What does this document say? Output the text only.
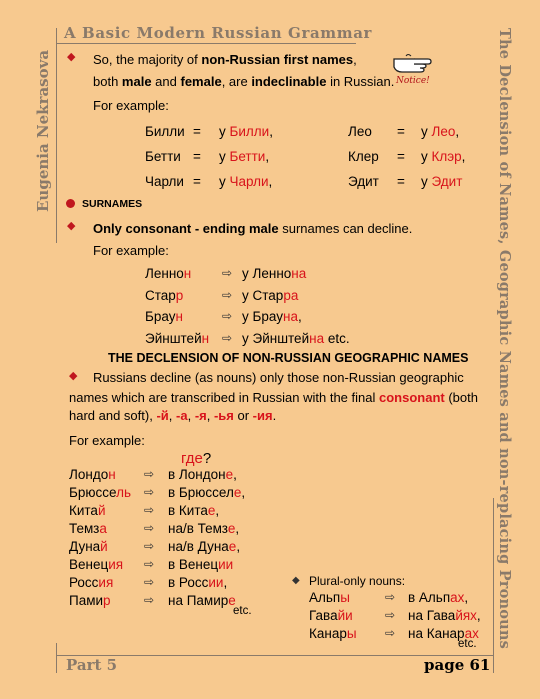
A Basic Modern Russian Grammar
Eugenia Nekrasova	The Declension of Names, Geographic Names and non-replacing Pronouns
◆ So, the majority of non-Russian first names,
both male and female, are indeclinable in Russian. Notice!
For example:
Билли = у Билли,
Бетти = у Бетти,
Чарли = у Чарли,
Лео = у Лео,
Клер = у Клэр,
Эдит = у Эдит
SURNAMES
◆ Only consonant - ending male surnames can decline.
For example:
Леннон	⇨ у Леннона
Старр	⇨ у Старра
Браун	⇨ у Брауна,
Эйнштейн ⇨ у Эйнштейна etc.
THE DECLENSION OF NON-RUSSIAN GEOGRAPHIC NAMES
◆ Russians decline (as nouns) only those non-Russian geographic
names which are transcribed in Russian with the final consonant (both
hard and soft), -й, -а, -я, -ья or -ия.
For example:
где?
Лондон ⇨ в Лондоне,
Брюссель ⇨ в Брюсселе,
Китай	⇨ в Китае,
Темза	⇨ на/в Темзе,
Дунай	⇨ на/в Дунае,
Венеция ⇨ в Венеции
Россия	⇨ в России,
Памир	⇨ на Памире
etc.
◆ Plural-only nouns:
Альпы	⇨ в Альпах,
Гавайи	⇨ на Гавайях,
Канары ⇨ на Канарах
etc.
Part 5	page 61
